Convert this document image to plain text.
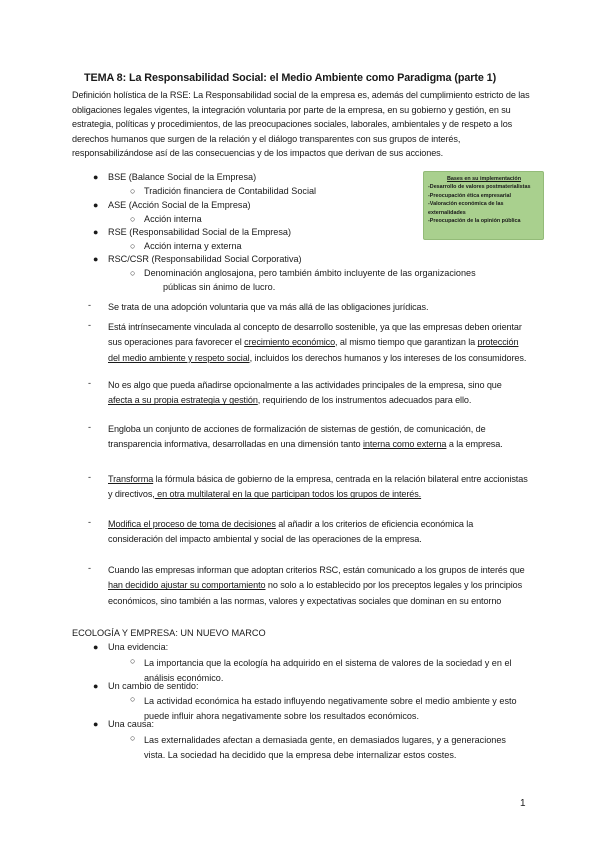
TEMA 8: La Responsabilidad Social: el Medio Ambiente como Paradigma (parte 1)
Definición holística de la RSE: La Responsabilidad social de la empresa es, además del cumplimiento estricto de las obligaciones legales vigentes, la integración voluntaria por parte de la empresa, en su gobierno y gestión, en su estrategia, políticas y procedimientos, de las preocupaciones sociales, laborales, ambientales y de respeto a los derechos humanos que surgen de la relación y el diálogo transparentes con sus grupos de interés, responsabilizándose así de las consecuencias y de los impactos que derivan de sus acciones.
● BSE (Balance Social de la Empresa)
○ Tradición financiera de Contabilidad Social
● ASE (Acción Social de la Empresa)
○ Acción interna
● RSE (Responsabilidad Social de la Empresa)
○ Acción interna y externa
● RSC/CSR (Responsabilidad Social Corporativa)
○ Denominación anglosajona, pero también ámbito incluyente de las organizaciones
públicas sin ánimo de lucro.
Bases en su implementación
-Desarrollo de valores postmaterialistas
-Preocupación ética empresarial
-Valoración económica de las
externalidades
-Preocupación de la opinión pública
- Se trata de una adopción voluntaria que va más allá de las obligaciones jurídicas.
- Está intrínsecamente vinculada al concepto de desarrollo sostenible, ya que las empresas deben orientar sus operaciones para favorecer el crecimiento económico, al mismo tiempo que garantizan la protección del medio ambiente y respeto social, incluidos los derechos humanos y los intereses de los consumidores.
- No es algo que pueda añadirse opcionalmente a las actividades principales de la empresa, sino que afecta a su propia estrategia y gestión, requiriendo de los instrumentos adecuados para ello.
- Engloba un conjunto de acciones de formalización de sistemas de gestión, de comunicación, de transparencia informativa, desarrolladas en una dimensión tanto interna como externa a la empresa.
- Transforma la fórmula básica de gobierno de la empresa, centrada en la relación bilateral entre accionistas y directivos, en otra multilateral en la que participan todos los grupos de interés.
- Modifica el proceso de toma de decisiones al añadir a los criterios de eficiencia económica la consideración del impacto ambiental y social de las operaciones de la empresa.
- Cuando las empresas informan que adoptan criterios RSC, están comunicado a los grupos de interés que han decidido ajustar su comportamiento no solo a lo establecido por los preceptos legales y los principios económicos, sino también a las normas, valores y expectativas sociales que dominan en su entorno
ECOLOGÍA Y EMPRESA: UN NUEVO MARCO
● Una evidencia:
○ La importancia que la ecología ha adquirido en el sistema de valores de la sociedad y en el análisis económico.
● Un cambio de sentido:
○ La actividad económica ha estado influyendo negativamente sobre el medio ambiente y esto puede influir ahora negativamente sobre los resultados económicos.
● Una causa:
○ Las externalidades afectan a demasiada gente, en demasiados lugares, y a generaciones vista. La sociedad ha decidido que la empresa debe internalizar estos costes.
1
